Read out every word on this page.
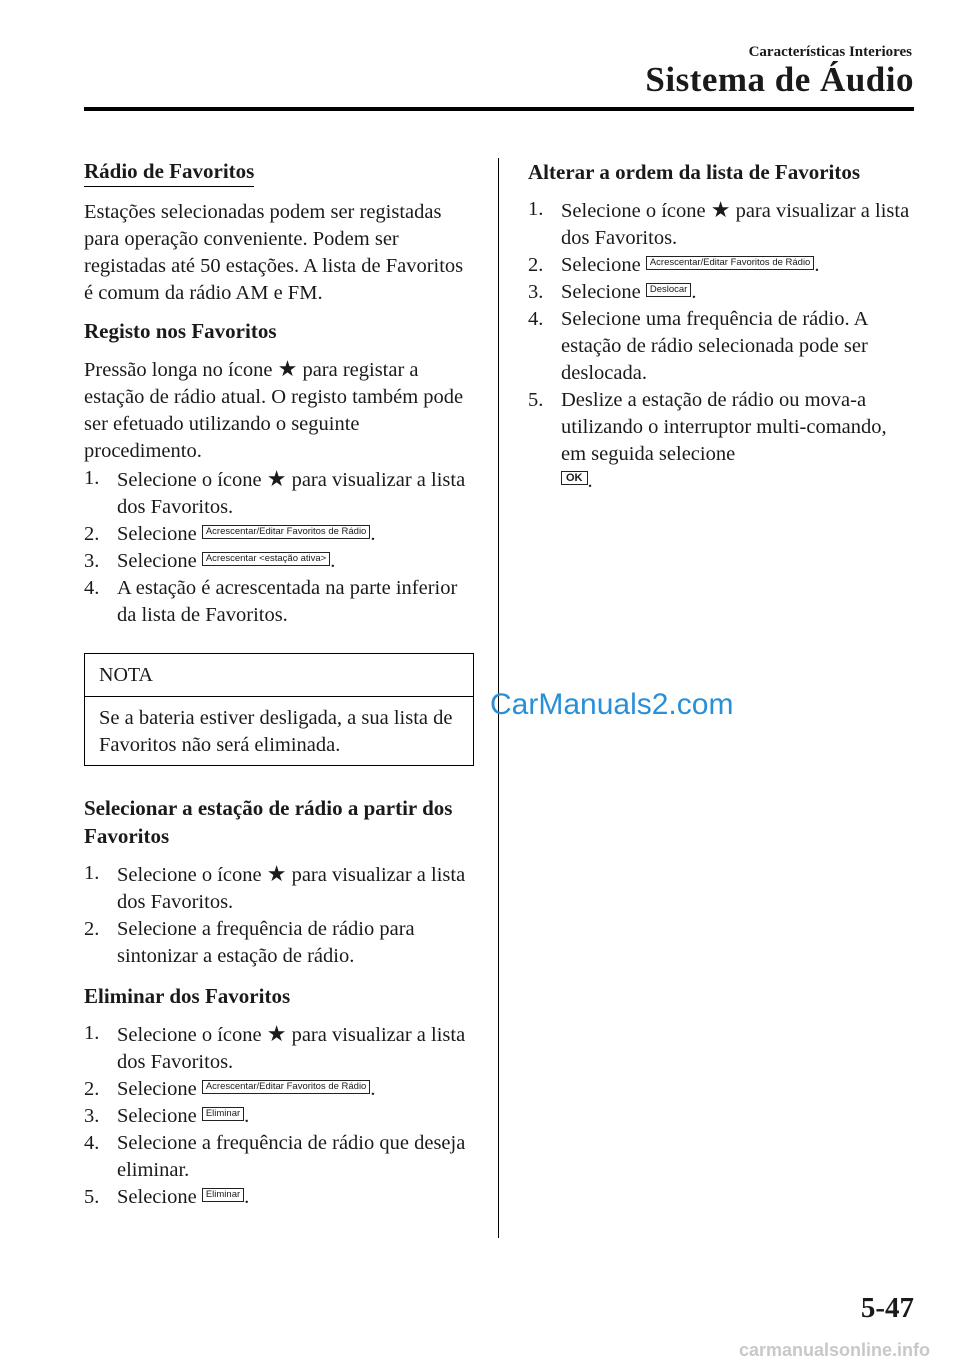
Características Interiores
Sistema de Áudio
Rádio de Favoritos

Estações selecionadas podem ser registadas para operação conveniente. Podem ser registadas até 50 estações. A lista de Favoritos é comum da rádio AM e FM.

Registo nos Favoritos

Pressão longa no ícone ★ para registar a estação de rádio atual. O registo também pode ser efetuado utilizando o seguinte procedimento.

1. Selecione o ícone ★ para visualizar a lista dos Favoritos.
2. Selecione Acrescentar/Editar Favoritos de Rádio .
3. Selecione Acrescentar <estação ativa> .
4. A estação é acrescentada na parte inferior da lista de Favoritos.
NOTA
Se a bateria estiver desligada, a sua lista de Favoritos não será eliminada.
Selecionar a estação de rádio a partir dos Favoritos
1. Selecione o ícone ★ para visualizar a lista dos Favoritos.
2. Selecione a frequência de rádio para sintonizar a estação de rádio.
Eliminar dos Favoritos
1. Selecione o ícone ★ para visualizar a lista dos Favoritos.
2. Selecione Acrescentar/Editar Favoritos de Rádio .
3. Selecione Eliminar .
4. Selecione a frequência de rádio que deseja eliminar.
5. Selecione Eliminar .
Alterar a ordem da lista de Favoritos
1. Selecione o ícone ★ para visualizar a lista dos Favoritos.
2. Selecione Acrescentar/Editar Favoritos de Rádio .
3. Selecione Deslocar .
4. Selecione uma frequência de rádio. A estação de rádio selecionada pode ser deslocada.
5. Deslize a estação de rádio ou mova-a utilizando o interruptor multi-comando, em seguida selecione
OK .
CarManuals2.com
5-47
carmanualsonline.info
